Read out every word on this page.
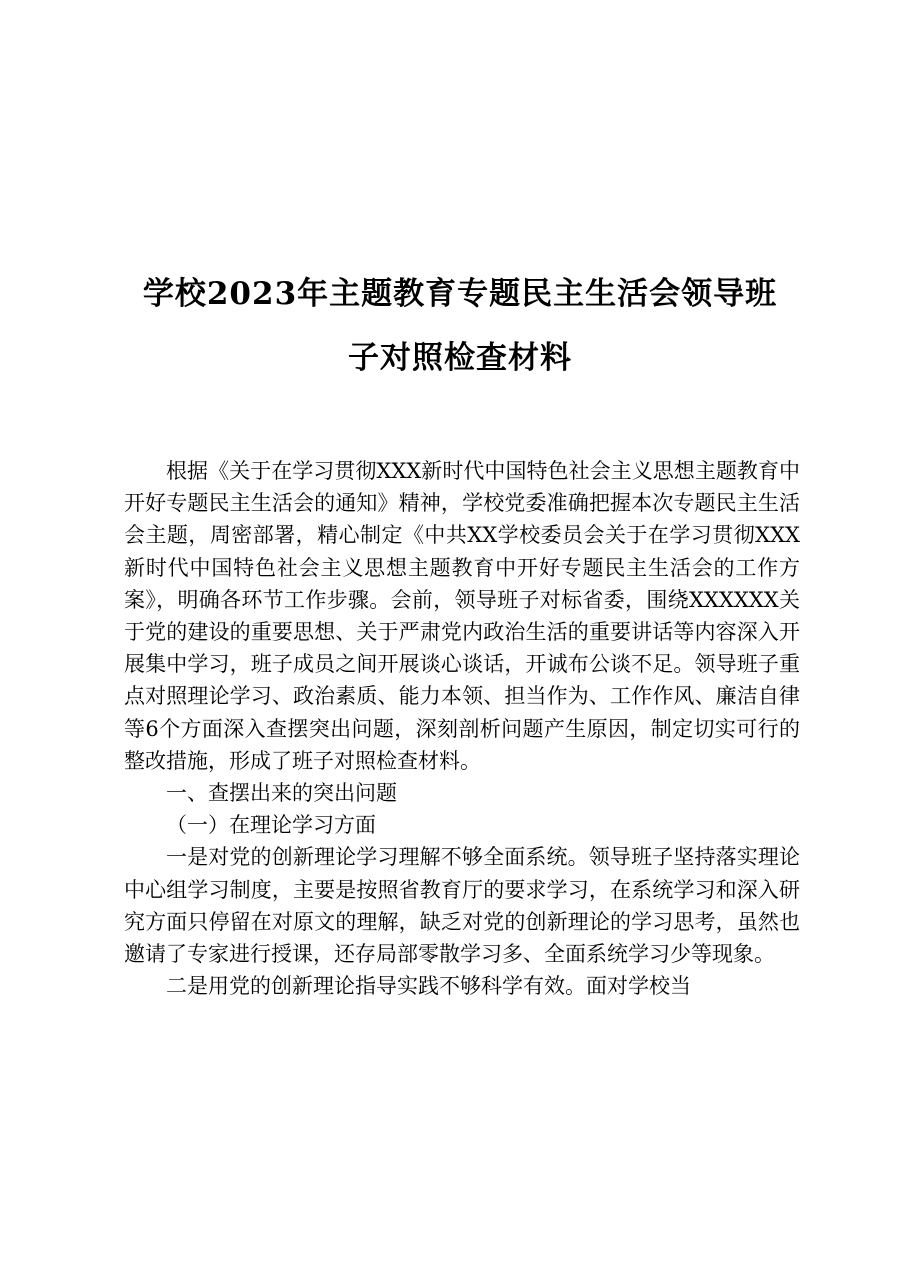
学校2023年主题教育专题民主生活会领导班
子对照检查材料

根据《关于在学习贯彻XXX新时代中国特色社会主义思想主题教育中开好专题民主生活会的通知》精神，学校党委准确把握本次专题民主生活会主题，周密部署，精心制定《中共XX学校委员会关于在学习贯彻XXX新时代中国特色社会主义思想主题教育中开好专题民主生活会的工作方案》，明确各环节工作步骤。会前，领导班子对标省委，围绕XXXXXX关于党的建设的重要思想、关于严肃党内政治生活的重要讲话等内容深入开展集中学习，班子成员之间开展谈心谈话，开诚布公谈不足。领导班子重点对照理论学习、政治素质、能力本领、担当作为、工作作风、廉洁自律等6个方面深入查摆突出问题，深刻剖析问题产生原因，制定切实可行的整改措施，形成了班子对照检查材料。

一、查摆出来的突出问题

（一）在理论学习方面

一是对党的创新理论学习理解不够全面系统。领导班子坚持落实理论中心组学习制度，主要是按照省教育厅的要求学习，在系统学习和深入研究方面只停留在对原文的理解，缺乏对党的创新理论的学习思考，虽然也邀请了专家进行授课，还存局部零散学习多、全面系统学习少等现象。

二是用党的创新理论指导实践不够科学有效。面对学校当
